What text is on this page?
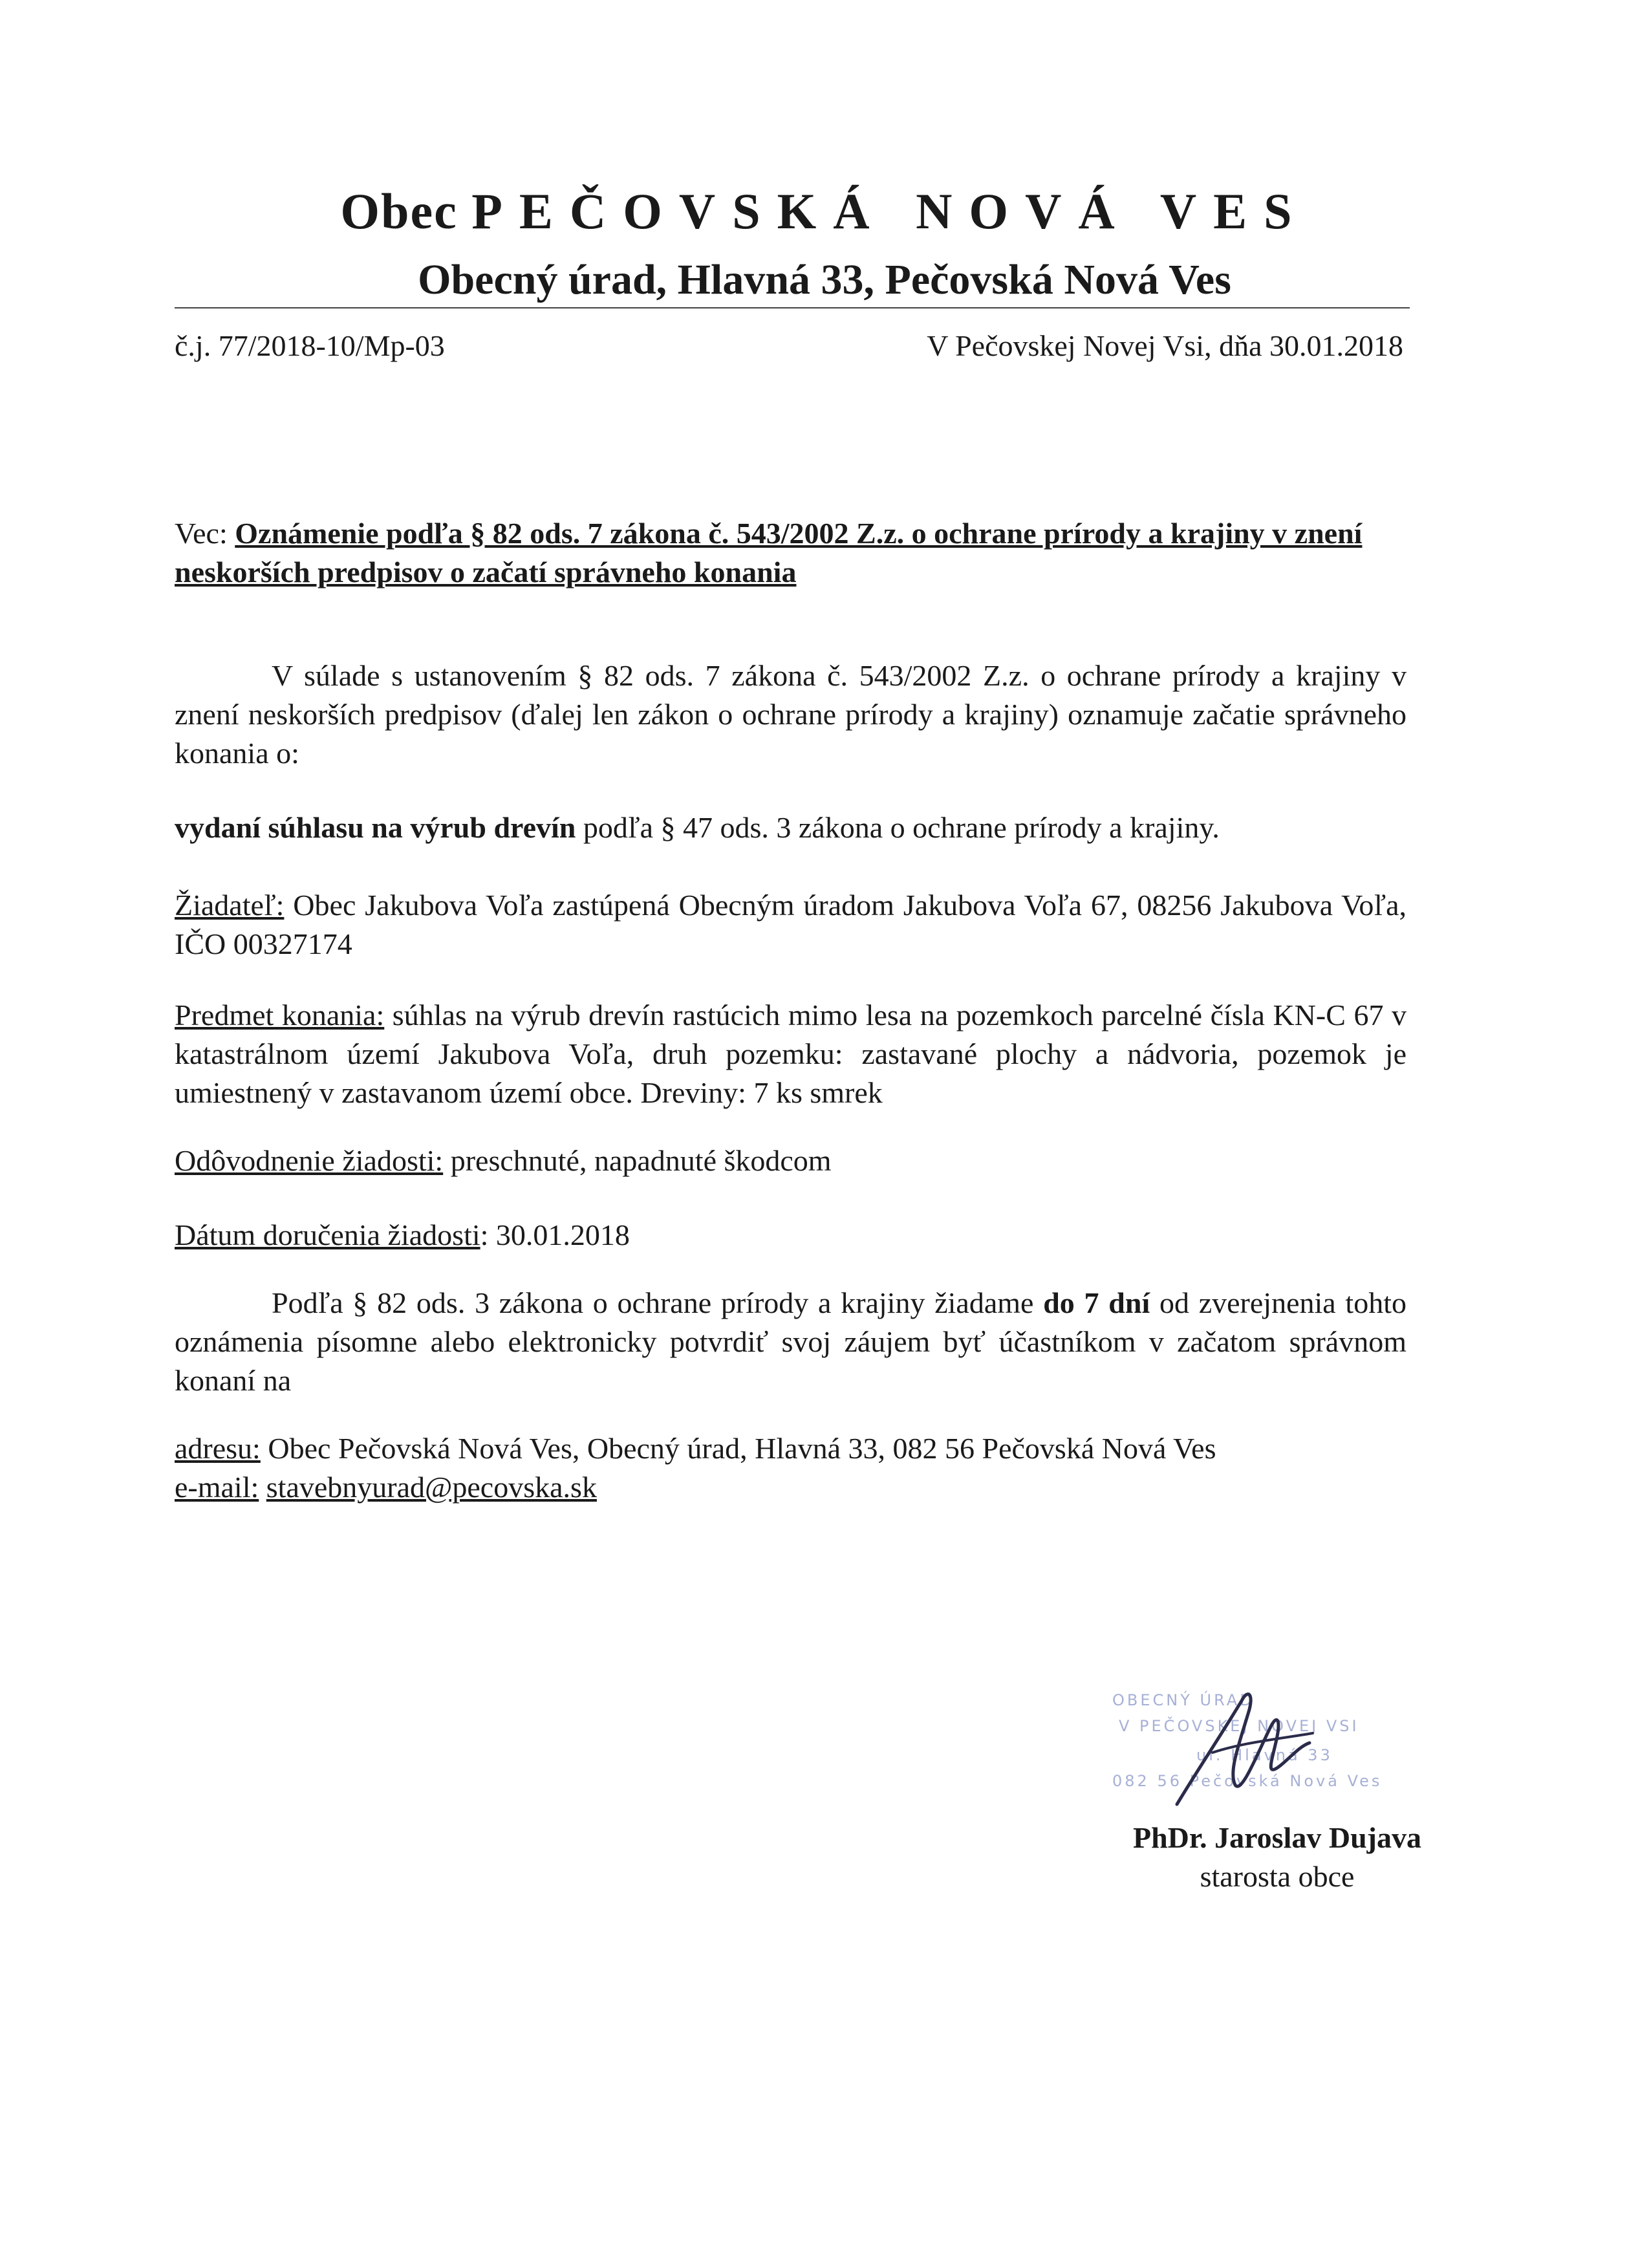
Obec PEČOVSKÁ NOVÁ VES
Obecný úrad, Hlavná 33, Pečovská Nová Ves
č.j. 77/2018-10/Mp-03	V Pečovskej Novej Vsi, dňa 30.01.2018
Vec: Oznámenie podľa § 82 ods. 7 zákona č. 543/2002 Z.z. o ochrane prírody a krajiny v znení neskorších predpisov o začatí správneho konania
V súlade s ustanovením § 82 ods. 7 zákona č. 543/2002 Z.z. o ochrane prírody a krajiny v znení neskorších predpisov (ďalej len zákon o ochrane prírody a krajiny) oznamuje začatie správneho konania o:
vydaní súhlasu na výrub drevín podľa § 47 ods. 3 zákona o ochrane prírody a krajiny.
Žiadateľ: Obec Jakubova Voľa zastúpená Obecným úradom Jakubova Voľa 67, 08256 Jakubova Voľa, IČO 00327174
Predmet konania: súhlas na výrub drevín rastúcich mimo lesa na pozemkoch parcelné čísla KN-C 67 v katastrálnom území Jakubova Voľa, druh pozemku: zastavané plochy a nádvoria, pozemok je umiestnený v zastavanom území obce. Dreviny: 7 ks smrek
Odôvodnenie žiadosti: preschnuté, napadnuté škodcom
Dátum doručenia žiadosti: 30.01.2018
Podľa § 82 ods. 3 zákona o ochrane prírody a krajiny žiadame do 7 dní od zverejnenia tohto oznámenia písomne alebo elektronicky potvrdiť svoj záujem byť účastníkom v začatom správnom konaní na
adresu: Obec Pečovská Nová Ves, Obecný úrad, Hlavná 33, 082 56 Pečovská Nová Ves
e-mail: stavebnyurad@pecovska.sk
OBECNÝ ÚRAD
V PEČOVSKEJ NOVEJ VSI
ul. Hlavná 33
082 56 Pečovská Nová Ves
PhDr. Jaroslav Dujava
starosta obce
